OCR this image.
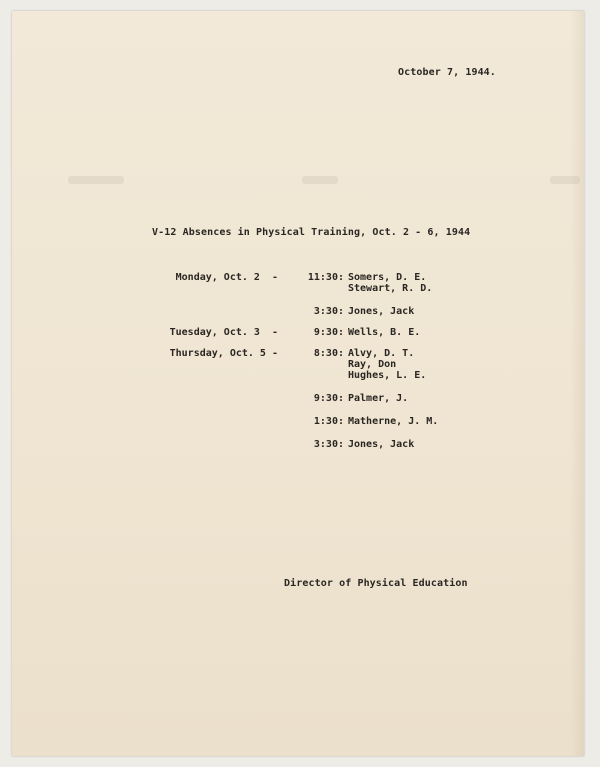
October 7, 1944.
V-12 Absences in Physical Training, Oct. 2 - 6, 1944
Monday, Oct. 2  -	11:30: Somers, D. E.
Stewart, R. D.
3:30: Jones, Jack
Tuesday, Oct. 3  -	9:30: Wells, B. E.
Thursday, Oct. 5 -	8:30: Alvy, D. T.
Ray, Don
Hughes, L. E.
9:30: Palmer, J.
1:30: Matherne, J. M.
3:30: Jones, Jack
Director of Physical Education
